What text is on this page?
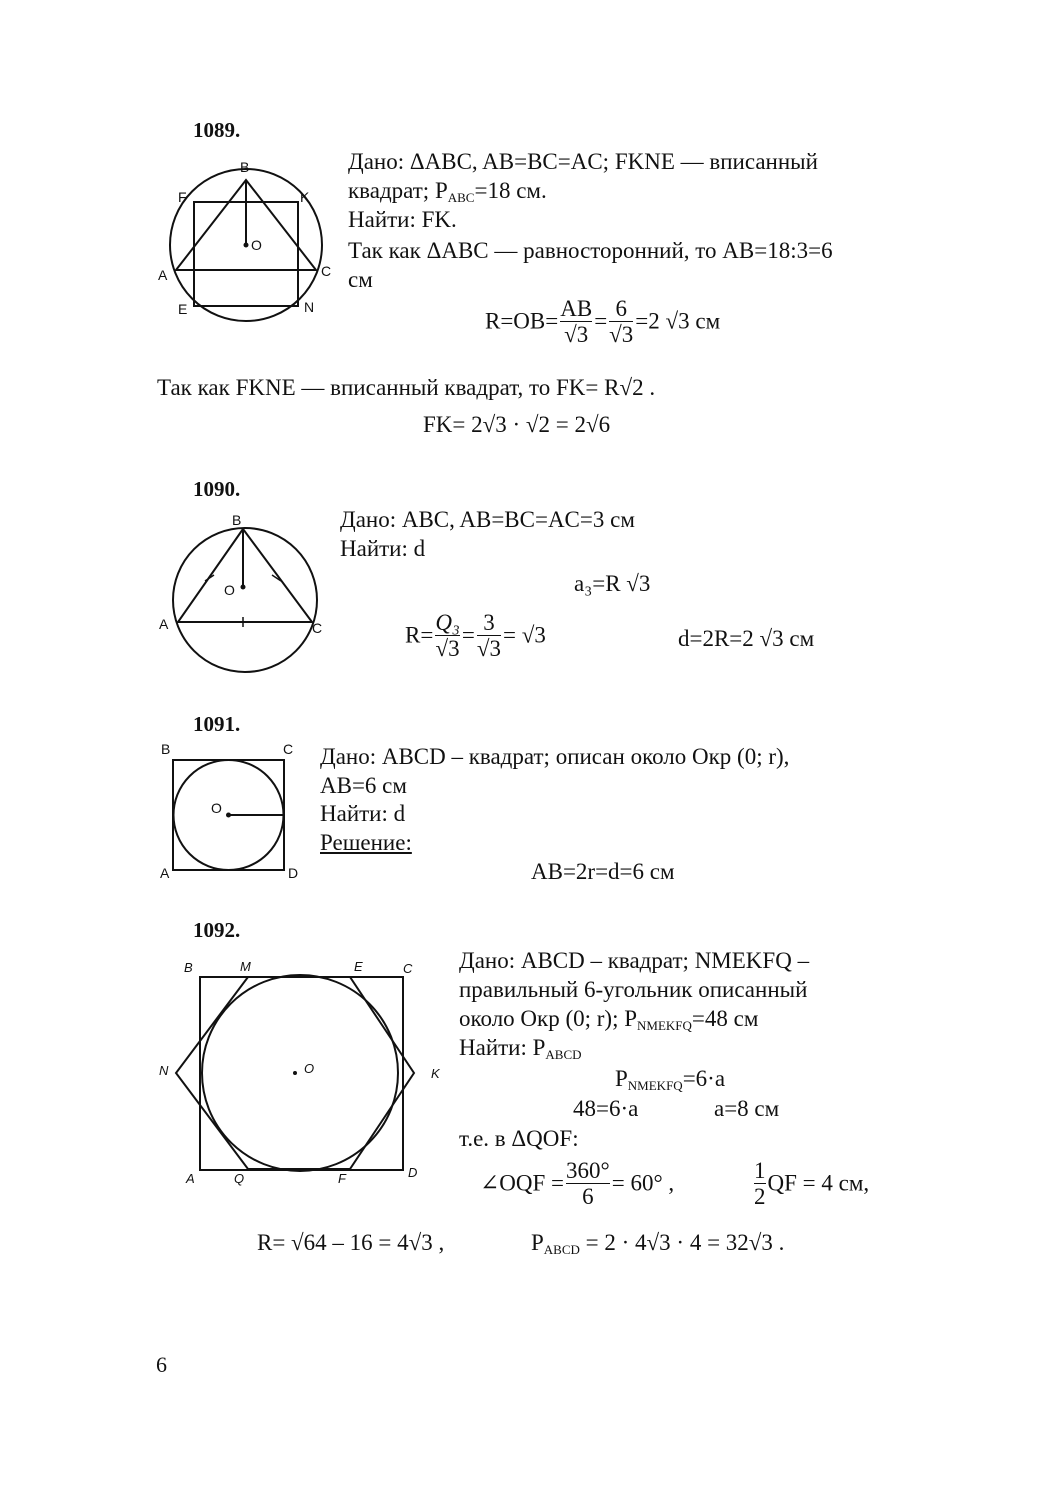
1089.
B
F	K
O
A	C
E	N
Дано: ΔABC, AB=BC=AC; FKNE — вписанный
квадрат; $P_{ABC}=18$ см.
Найти: FK.
Так как ΔABC — равносторонний, то AB=18:3=6
см
$R=OB= \frac{AB}{√3} = \frac{6}{√3} =2$ √3 см
Так как FKNE — вписанный квадрат, то FK= R√2 .
FK= 2√3 · √2 = 2√6
1090.
B
O
A	C
Дано: ABC, AB=BC=AC=3 см
Найти: d
a₃=R √3
$R= \frac{\text{Q₃}}{√3} = \frac{3}{√3} = √3$	d=2R=2 √3 см
1091.
B	C
O
A	D
Дано: ABCD – квадрат; описан около Окр (0; r),
AB=6 см
Найти: d
Решение:
AB=2r=d=6 см
1092.
B	M	E	C
N	O	K
A	Q	F	D
Дано: ABCD – квадрат; NMEKFQ –
правильный 6-угольник описанный
около Окр (0; r); $P_{NMEKFQ}=48$ см
Найти: $P_{ABCD}$
$P_{NMEKFQ}=6\cdot a$
48=6·a	a=8 см
т.е. в ΔQOF:
∠OQF = $\frac{360^\circ}{6} = 60^\circ$ ,	$\frac{1}{2}$ QF = 4 см,
R= √64 – 16 = 4√3 ,	$P_{ABCD} = 2 \cdot 4√3 \cdot 4 = 32√3$ .
6
